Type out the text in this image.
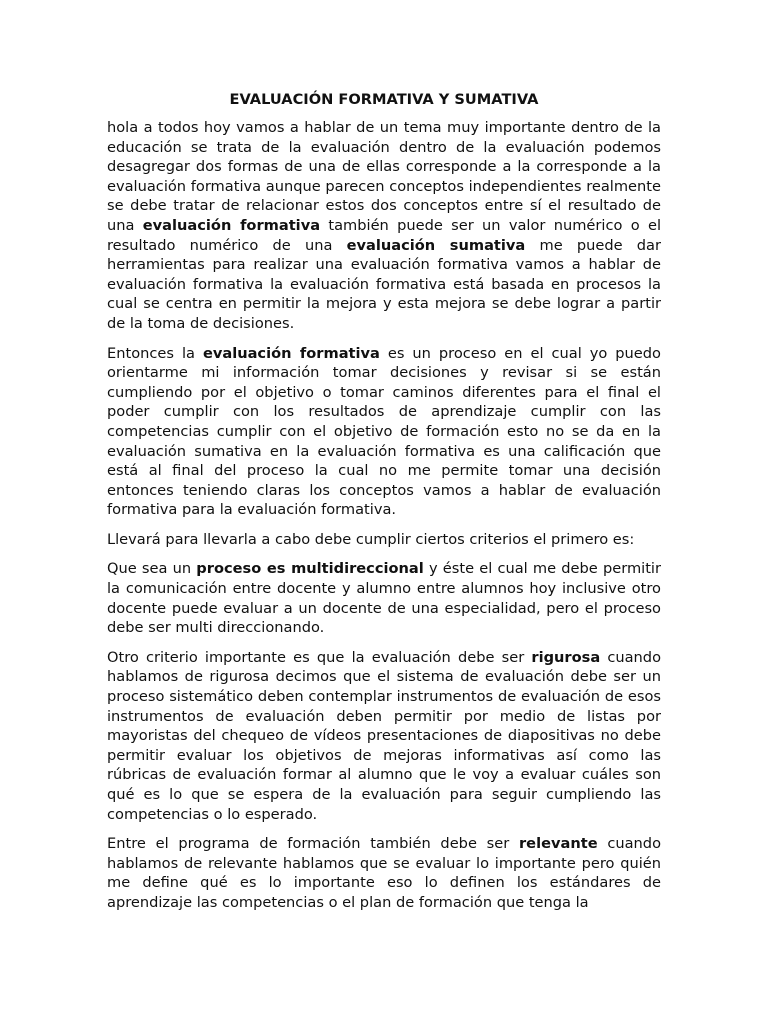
EVALUACIÓN FORMATIVA Y SUMATIVA

hola a todos hoy vamos a hablar de un tema muy importante dentro de la educación se trata de la evaluación dentro de la evaluación podemos desagregar dos formas de una de ellas corresponde a la corresponde a la evaluación formativa aunque parecen conceptos independientes realmente se debe tratar de relacionar estos dos conceptos entre sí el resultado de una evaluación formativa también puede ser un valor numérico o el resultado numérico de una evaluación sumativa me puede dar herramientas para realizar una evaluación formativa vamos a hablar de evaluación formativa la evaluación formativa está basada en procesos la cual se centra en permitir la mejora y esta mejora se debe lograr a partir de la toma de decisiones.

Entonces la evaluación formativa es un proceso en el cual yo puedo orientarme mi información tomar decisiones y revisar si se están cumpliendo por el objetivo o tomar caminos diferentes para el final el poder cumplir con los resultados de aprendizaje cumplir con las competencias cumplir con el objetivo de formación esto no se da en la evaluación sumativa en la evaluación formativa es una calificación que está al final del proceso la cual no me permite tomar una decisión entonces teniendo claras los conceptos vamos a hablar de evaluación formativa para la evaluación formativa.

Llevará para llevarla a cabo debe cumplir ciertos criterios el primero es:

Que sea un proceso es multidireccional y éste el cual me debe permitir la comunicación entre docente y alumno entre alumnos hoy inclusive otro docente puede evaluar a un docente de una especialidad, pero el proceso debe ser multi direccionando.

Otro criterio importante es que la evaluación debe ser rigurosa cuando hablamos de rigurosa decimos que el sistema de evaluación debe ser un proceso sistemático deben contemplar instrumentos de evaluación de esos instrumentos de evaluación deben permitir por medio de listas por mayoristas del chequeo de vídeos presentaciones de diapositivas no debe permitir evaluar los objetivos de mejoras informativas así como las rúbricas de evaluación formar al alumno que le voy a evaluar cuáles son qué es lo que se espera de la evaluación para seguir cumpliendo las competencias o lo esperado.

Entre el programa de formación también debe ser relevante cuando hablamos de relevante hablamos que se evaluar lo importante pero quién me define qué es lo importante eso lo definen los estándares de aprendizaje las competencias o el plan de formación que tenga la
